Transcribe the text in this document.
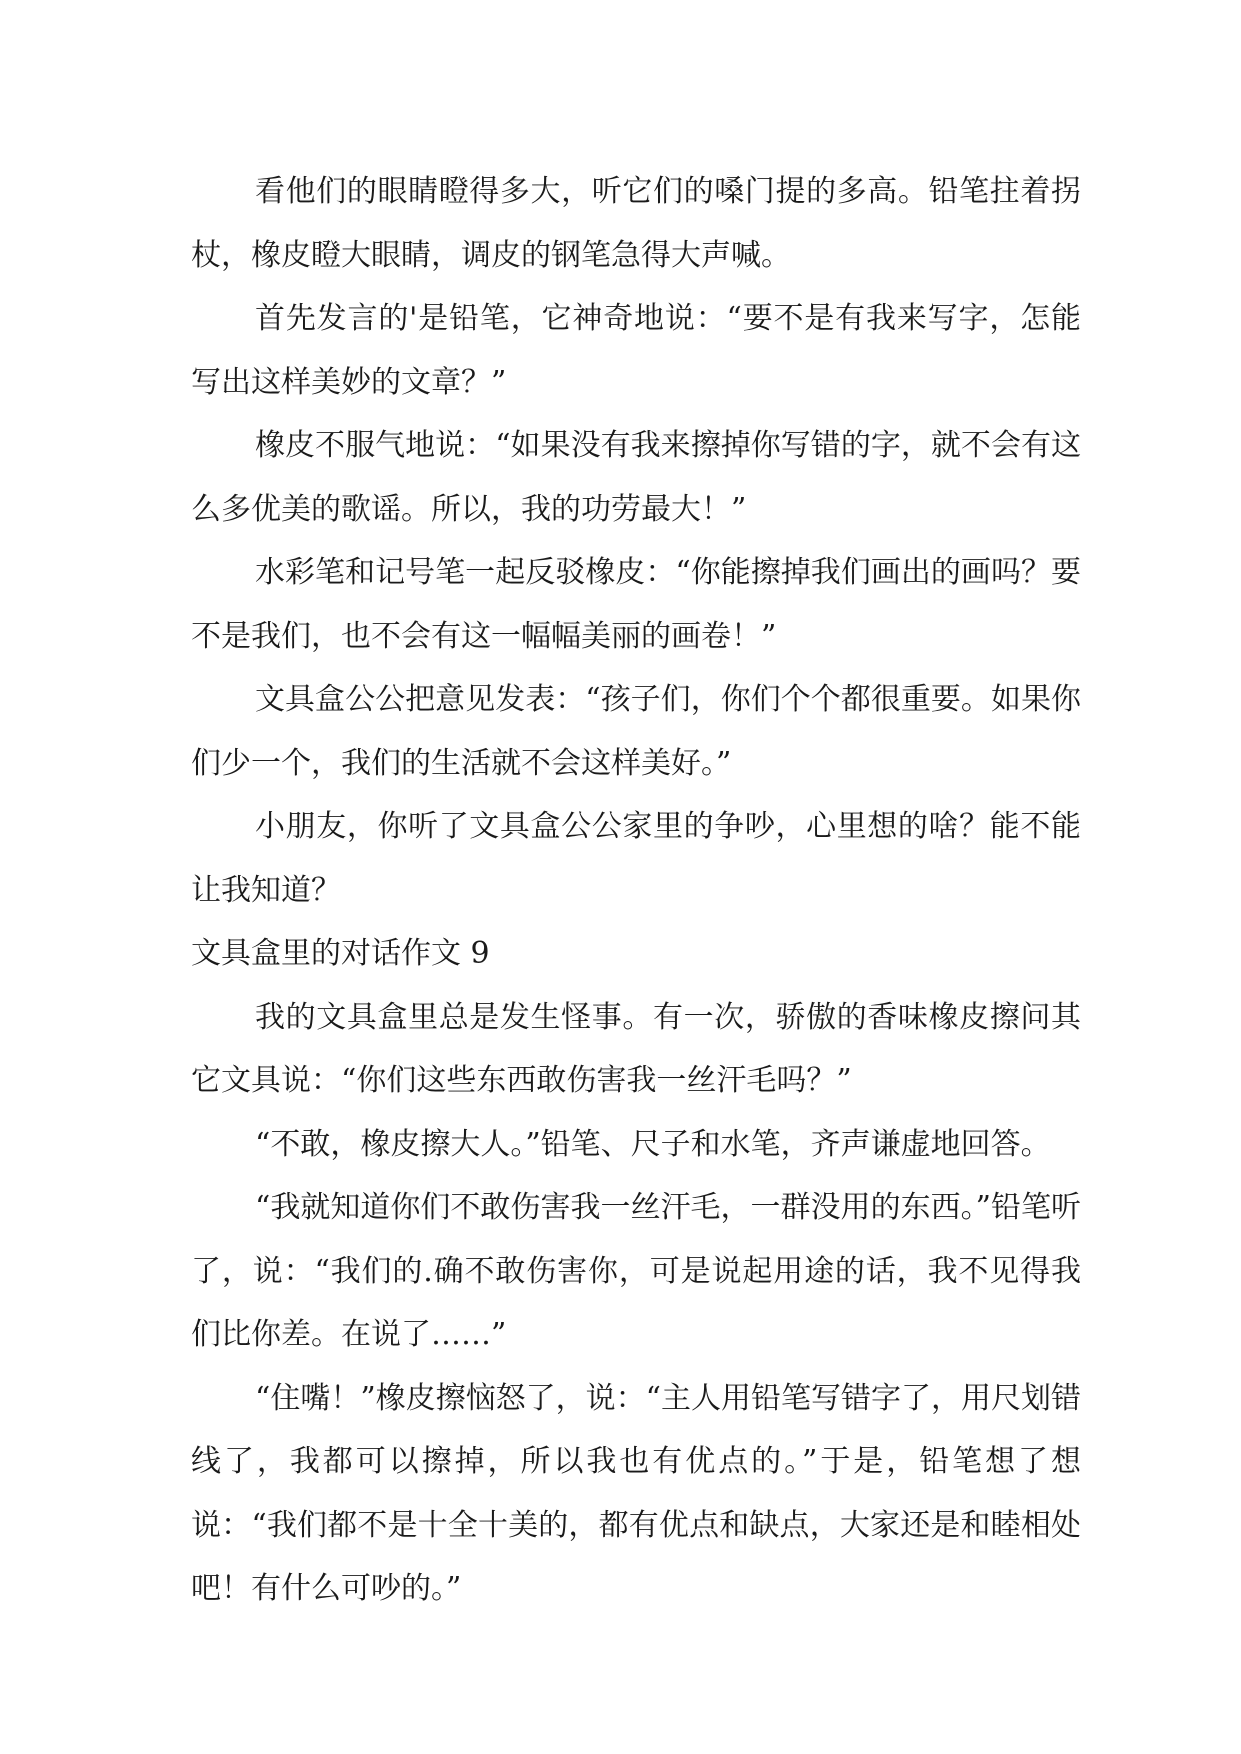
看他们的眼睛瞪得多大，听它们的嗓门提的多高。铅笔拄着拐杖，橡皮瞪大眼睛，调皮的钢笔急得大声喊。

首先发言的'是铅笔，它神奇地说：“要不是有我来写字，怎能写出这样美妙的文章？”

橡皮不服气地说：“如果没有我来擦掉你写错的字，就不会有这么多优美的歌谣。所以，我的功劳最大！”

水彩笔和记号笔一起反驳橡皮：“你能擦掉我们画出的画吗？要不是我们，也不会有这一幅幅美丽的画卷！”

文具盒公公把意见发表：“孩子们，你们个个都很重要。如果你们少一个，我们的生活就不会这样美好。”

小朋友，你听了文具盒公公家里的争吵，心里想的啥？能不能让我知道？

文具盒里的对话作文 9

我的文具盒里总是发生怪事。有一次，骄傲的香味橡皮擦问其它文具说：“你们这些东西敢伤害我一丝汗毛吗？”

“不敢，橡皮擦大人。”铅笔、尺子和水笔，齐声谦虚地回答。

“我就知道你们不敢伤害我一丝汗毛，一群没用的东西。”铅笔听了，说：“我们的.确不敢伤害你，可是说起用途的话，我不见得我们比你差。在说了……”

“住嘴！”橡皮擦恼怒了，说：“主人用铅笔写错字了，用尺划错线了，我都可以擦掉，所以我也有优点的。”于是，铅笔想了想说：“我们都不是十全十美的，都有优点和缺点，大家还是和睦相处吧！有什么可吵的。”
